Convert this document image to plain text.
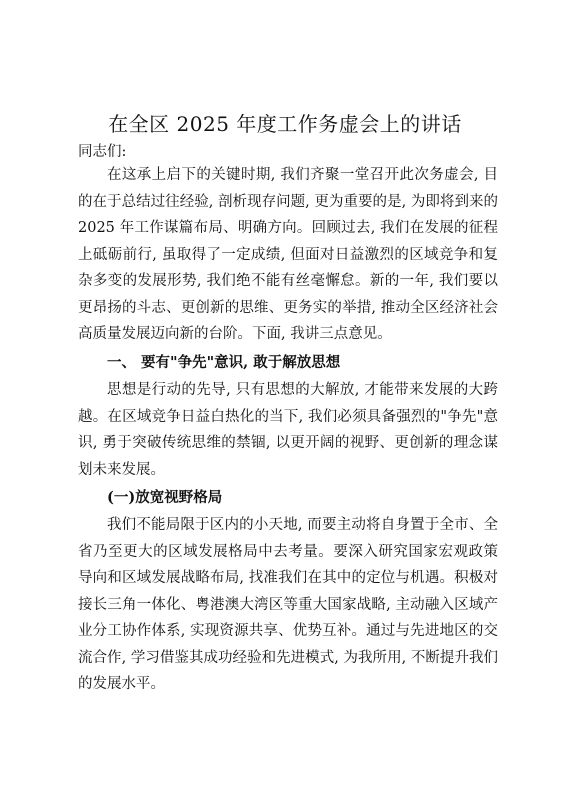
在全区 2025 年度工作务虚会上的讲话
同志们:

在这承上启下的关键时期, 我们齐聚一堂召开此次务虚会, 目的在于总结过往经验, 剖析现存问题, 更为重要的是, 为即将到来的 2025 年工作谋篇布局、明确方向。回顾过去, 我们在发展的征程上砥砺前行, 虽取得了一定成绩, 但面对日益激烈的区域竞争和复杂多变的发展形势, 我们绝不能有丝毫懈怠。新的一年, 我们要以更昂扬的斗志、更创新的思维、更务实的举措, 推动全区经济社会高质量发展迈向新的台阶。下面, 我讲三点意见。

一、 要有"争先"意识, 敢于解放思想

思想是行动的先导, 只有思想的大解放, 才能带来发展的大跨越。在区域竞争日益白热化的当下, 我们必须具备强烈的"争先"意识, 勇于突破传统思维的禁锢, 以更开阔的视野、更创新的理念谋划未来发展。

(一)放宽视野格局

我们不能局限于区内的小天地, 而要主动将自身置于全市、全省乃至更大的区域发展格局中去考量。要深入研究国家宏观政策导向和区域发展战略布局, 找准我们在其中的定位与机遇。积极对接长三角一体化、粤港澳大湾区等重大国家战略, 主动融入区域产业分工协作体系, 实现资源共享、优势互补。通过与先进地区的交流合作, 学习借鉴其成功经验和先进模式, 为我所用, 不断提升我们的发展水平。
